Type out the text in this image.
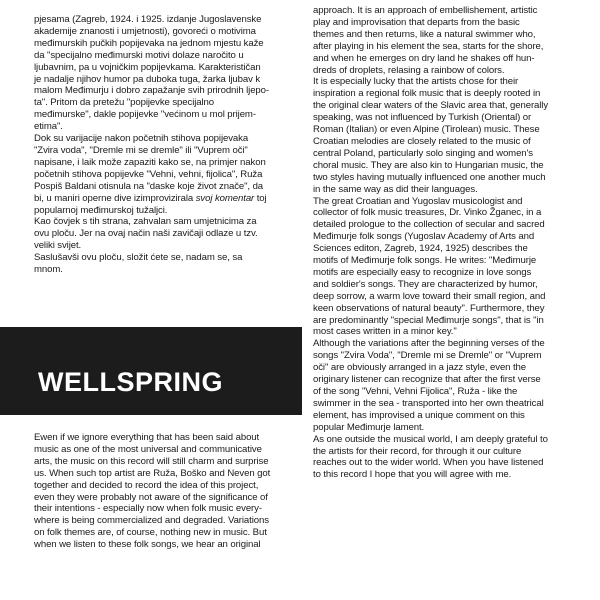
pjesama (Zagreb, 1924. i 1925. izdanje Jugoslavenske
akademije znanosti i umjetnosti), govoreći o motivima
međimurskih pučkih popijevaka na jednom mjestu kaže
da "specijalno međimurski motivi dolaze naročito u
ljubavnim, pa u vojničkim popijevkama. Karakterističan
je nadalje njihov humor pa duboka tuga, žarka ljubav k
malom Međimurju i dobro zapažanje svih prirodnih ljepo-
ta". Pritom da pretežu "popijevke specijalno
međimurske", dakle popijevke "većinom u mol prijem-
etima".

Dok su varijacije nakon početnih stihova popijevaka
"Zvira voda", "Dremle mi se dremle" ili "Vuprem oči"
napisane, i laik može zapaziti kako se, na primjer nakon
početnih stihova popijevke "Vehni, vehni, fijolica", Ruža
Pospiš Baldani otisnula na "daske koje život znače", da
bi, u maniri operne dive izimprovizirala svoj komentar toj
popularnoj međimurskoj tužaljci.

Kao čovjek s tih strana, zahvalan sam umjetnicima za
ovu ploču. Jer na ovaj način naši zavičaji odlaze u tzv.
veliki svijet.

Saslušavši ovu ploču, složit ćete se, nadam se, sa
mnom.

WELLSPRING

Ewen if we ignore everything that has been said about
music as one of the most universal and communicative
arts, the music on this record will still charm and surprise
us. When such top artist are Ruža, Boško and Neven got
together and decided to record the idea of this project,
even they were probably not aware of the significance of
their intentions - especially now when folk music every-
where is being commercialized and degraded. Variations
on folk themes are, of course, nothing new in music. But
when we listen to these folk songs, we hear an original

approach. It is an approach of embellishement, artistic
play and improvisation that departs from the basic
themes and then returns, like a natural swimmer who,
after playing in his element the sea, starts for the shore,
and when he emerges on dry land he shakes off hun-
dreds of droplets, relasing a rainbow of colors.

It is especially lucky that the artists chose for their
inspiration a regional folk music that is deeply rooted in
the original clear waters of the Slavic area that, generally
speaking, was not influenced by Turkish (Oriental) or
Roman (Italian) or even Alpine (Tirolean) music. These
Croatian melodies are closely related to the music of
central Poland, particularly solo singing and women's
choral music. They are also kin to Hungarian music, the
two styles having mutually influenced one another much
in the same way as did their languages.

The great Croatian and Yugoslav musicologist and
collector of folk music treasures, Dr. Vinko Žganec, in a
detailed prologue to the collection of secular and sacred
Međimurje folk songs (Yugoslav Academy of Arts and
Sciences editon, Zagreb, 1924, 1925) describes the
motifs of Međimurje folk songs. He writes: "Međimurje
motifs are especially easy to recognize in love songs
and soldier's songs. They are characterized by humor,
deep sorrow, a warm love toward their small region, and
keen observations of natural beauty". Furthermore, they
are predominantly "special Međimurje songs", that is "in
most cases written in a minor key."

Although the variations after the beginning verses of the
songs "Zvira Voda", "Dremle mi se Dremle" or "Vuprem
oči" are obviously arranged in a jazz style, even the
originary listener can recognize that after the first verse
of the song "Vehni, Vehni Fijolica", Ruža - like the
swimmer in the sea - transported into her own theatrical
element, has improvised a unique comment on this
popular Međimurje lament.

As one outside the musical world, I am deeply grateful to
the artists for their record, for through it our culture
reaches out to the wider world. When you have listened
to this record I hope that you will agree with me.
